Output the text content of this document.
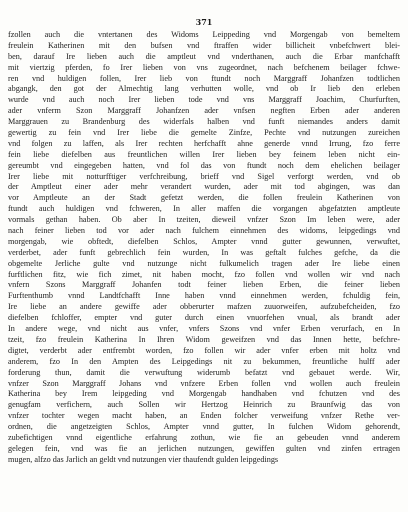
371
fzollen auch die vntertanen des Widoms Leippeding vnd Morgengab von bemeltem
freulein Katherinen mit den bufsen vnd ftraffen wider billicheit vnbefchwert blei-
ben, darauf Ire lieben auch die amptleut vnd vnderthanen, auch die Erbar manfchafft
mit viertzig pferden, fo Irer lieben von vns zugeordnet, nach befchenem beilager fchwe-
ren vnd huldigen follen, Irer lieb von ftundt noch Marggraff Johanfzen todtlichen
abgangk, den got der Almechtig lang verhutten wolle, vnd ob Ir lieb den erleben
wurde vnd auch noch Irer lieben tode vnd vns Marggraff Joachim, Churfurften,
ader vnferm Szon Marggraff Johanfzen ader vnfsen negften Erben ader anderen
Marggrauen zu Brandenburg des widerfals halben vnd funft niemandes anders damit
gewertig zu fein vnd Irer liebe die gemelte Zinfze, Pechte vnd nutzungen zureichen
vnd folgen zu laffen, als Irer rechten herfchafft ahne generde vnnd Irrung, fzo ferre
fein liebe diefelben aus freuntlichen willen Irer lieben bey feinem leben nicht ein-
gereumbt vnd eingegeben hatten, vnd fol das von ftundt noch dem ehelichen beilager
Irer liebe mit notturfftiger verfchreibung, brieff vnd Sigel verforgt werden, vnd ob
der Amptleut einer ader mehr verandert wurden, ader mit tod abgingen, was dan
vor Amptleute an der Stadt gefetzt werden, die follen freulein Katherinen von
ftundt auch huldigen vnd fchweren, In aller maffen die vorgangen abgefatzten amptleute
vormals gethan haben. Ob aber In tzeiten, dieweil vnfzer Szon Im leben were, ader
nach feiner lieben tod vor ader nach fulchem einnehmen des widoms, leipgedings vnd
morgengab, wie obftedt, diefelben Schlos, Ampter vnnd gutter gewunnen, verwuftet,
verderbet, ader funft gebrechlich fein wurden, In was geftalt fulches gefche, da die
obgemelte Jerliche gulte vnd nutzunge nicht fulkumelich tragen ader Ire liebe einen
furftlichen fitz, wie fich zimet, nit haben mocht, fzo follen vnd wollen wir vnd nach
vnfern Szons Marggraff Johanfen todt feiner lieben Erben, die feiner lieben
Furftenthumb vnnd Landtfchafft Inne haben vnnd einnehmen werden, fchuldig fein,
Ire liebe an andere gewiffe ader obberurter mafzen zuuorweifen, aufzubefcheiden, fzo
diefelben fchloffer, empter vnd guter durch einen vnuorfehen vnual, als brandt ader
In andere wege, vnd nicht aus vnfer, vnfers Szons vnd vnfer Erben verurfach, en In
tzeit, fzo freulein Katherina In Ihren Widom geweifzen vnd das Innen hette, befchre-
digtet, verderbt ader entfrembt worden, fzo follen wir ader vnfer erben mit holtz vnd
anderem, fzo In den Ampten des Leipgedings nit zu bekummen, freuntliche hulff ader
forderung thun, damit die verwuftung widerumb befatzt vnd gebauet werde. Wir,
vnfzer Szon Marggraff Johans vnd vnfzere Erben follen vnd wollen auch freulein
Katherina bey Irem leipgeding vnd Morgengab handhaben vnd fchutzen vnd des
genugfam verfichern, auch Sollen wir Hertzog Heinrich zu Braunfwig das von
vnfzer tochter wegen macht haben, an Enden folcher verweifung vnfzer Rethe ver-
ordnen, die angetzeigten Schlos, Ampter vnnd gutter, In fulchen Widom gehorendt,
zubefichtigen vnnd eigentliche erfahrung zothun, wie fie an gebeuden vnnd anderem
gelegen fein, vnd was fie an jerlichen nutzungen, gewiffen gulten vnd zinfen ertragen
mugen, alfzo das Jarlich an geldt vnd nutzungen vier thaufendt gulden leipgedings
